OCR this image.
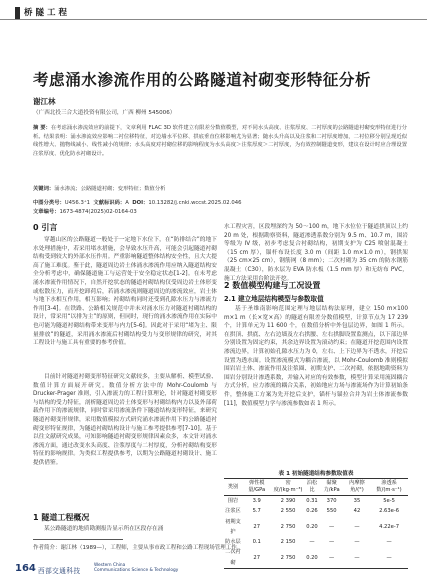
桥隧工程
考虑涌水渗流作用的公路隧道衬砌变形特征分析
谢江林
（广西北投三合大道投资有限公司，广西 柳州 545006）
摘 要：在考虑涌水渗流效应的前提下，文章利用 FLAC 3D 软件建立有限差分数值模型，对不同水头高度、注浆厚度、二衬厚度的公路隧道衬砌变形特征进行分析。结果表明：涌水渗流效应影响二衬位移特征，对边墙水平位移、拱底垂直位移影响尤为显著；随水头升高以及注浆和二衬厚度增加，二衬位移分别呈现近似线性增大、抛物线减小、线性减小的规律；水头高度对衬砌位移的影响程度为水头高度＞注浆厚度＞二衬厚度，为有效控制隧道变形，建议在设计时应合理设置注浆厚度、优化防水衬砌设计。
关键词：涌水渗流；公路隧道衬砌；变形特征；数值分析
中图分类号：U456.3⁺1 文献标识码：A DOI：10.13282/j.cnki.wccst.2025.02.046
文章编号：1673-4874(2025)02-0164-03
0 引言
穿越山区的公路隧道一般处于一定地下水位下，在“防排结合”的地下水处理措施中，若采用堵水措施，会导致水压升高，可能会引起隧道衬砌结构受到较大的外部水压作用。严重影响隧道整体结构安全性，且大大提高了施工难度。鉴于此，隧道周边岩土体涌水渗流作用应纳入隧道结构安全分析考虑中，确保隧道施工与运营处于安全稳定状态[1-2]。在未考虑涌水渗流作用情况下，自然开挖状态的隧道衬砌结构仅受周边岩土体形变或松散压力，而开挖卸荷后，若涌水渗流则隧道周边的渗流效应，岩土体与地下水相互作用，相互影响；衬砌结构同时还受到孔隙水压力与渗流力作用[3-4]。在铁路、公路相关规范中并未对涌水压力对隧道衬砌结构的设计，常采用“以排为主”的原则，但同时，现行的涌水渗流作用在实际中也可能为隧道衬砌结构带来变形与内力[5-6]。因此对于采用“堵为主、限量排放”的隧道，采用涌水渗流后衬砌结构受力与变形规律的研究，对其工程设计与施工具有重要的参考价值。
目前针对隧道衬砌变形特征研究文献较多，主要从解析、模型试验、数值计算方面展开研究。数值分析方法中的 Mohr-Coulomb 与 Drucker-Prager 准则，引入渗流力的工程计算理论，针对隧道衬砌变形与结构的受力特征，剖析隧道周边岩土体变形与衬砌结构内力以及外部荷载作用下的渗流规律，同时常采用渗流条件下隧道结构变形特征，来研究隧道衬砌变形规律，采用数值模拟方式研究涌水渗流作用下的公路隧道衬砌变形特征规律，为隧道衬砌结构设计与施工参考提供参考[7-10]。基于以往文献研究成果，可知影响隧道衬砌变形规律因素众多，本文针对涌水渗流方面，通过改变水头高度、注浆厚度与二衬厚度，分析衬砌结构变形特征的影响规律。为类似工程提供参考，以期为公路隧道衬砌设计、施工提供借鉴。
1 隧道工程概况
某公路隧道的地质勘测报告显示所在区段存在涌
水工程灾害，区段埋深约为 50～100 m，地下水位位于隧道拱顶以上约 20 m 处，根据勘察资料，隧道渗透系数分别为 9.5 m、10.7 m，围岩等级为 IV 级，初步考虑复合衬砌结构，初期支护为 C25 喷射混凝土（15 cm 厚），锚杆布设长度 3.0 m（间距 1.0 m×1.0 m），钢拱架（25 cm×25 cm），钢筋网（8 mm）；二次衬砌为 35 cm 的防水钢筋混凝土（C30），防水层为 EVA 防水板（1.5 mm 厚）和无纺布 PVC，施工方法采用台阶法开挖。
2 数值模型构建与工况设置
2.1 建立地层结构模型与参数取值
基于圣维南影响范围定理与地层结构法原理，建立 150 m×100 m×1 m（长×宽×高）的隧道有限差分数值模型，计算节点为 17 239 个，计算单元为 11 600 个，在数值分析中外包层边界，如图 1 所示。在拱顶、拱底、左右边墙及左右拱腰、左右拱脚设置监测点，以下部边界分别设置为固定约束，其余边界设置为滚动约束；在隧道开挖范围内设置渗流边界，计算初始孔隙水压力为 0，左右、上下边界为不透水，开挖后设置为透水面。设置渗流模式为耦合渗流，以 Mohr-Coulomb 准则模拟围岩岩土体、渗流作用及注浆圈、初期支护、二次衬砌，依据地勘资料为围岩分别设计渗透系数，并输入对应的有效参数，模型计算采用流固耦合方式分析，应力渗流的耦合关系，初始地应力场与渗流场作为计算初始条件，整体施工方案为先开挖后支护，锚杆与锚拉合并为岩土体渗流参数[11]，数值模型力学与渗流参数如表 1 所示。
表 1 初始隧道结构参数取值表
类别	弹性模量/GPa	密度/(kg·m⁻³)	泊松比	黏聚力/kPa	内摩擦角/(°)	渗透系数/(m·s⁻¹)
围岩	3.9	2 390	0.31	370	35	5e-5
注浆区	5.7	2 550	0.26	550	42	2.63e-6
初期支护	27	2 750	0.20	—	—	4.22e-7
防水层	0.1	2 150	—	—	—	—
二次衬砌	27	2 750	0.20	—	—	—
作者简介：谢江林（1989—），工程师，主要从事市政工程和公路工程现场管理工作。
164 西部交通科技
Western China
Communications Science & Technology
